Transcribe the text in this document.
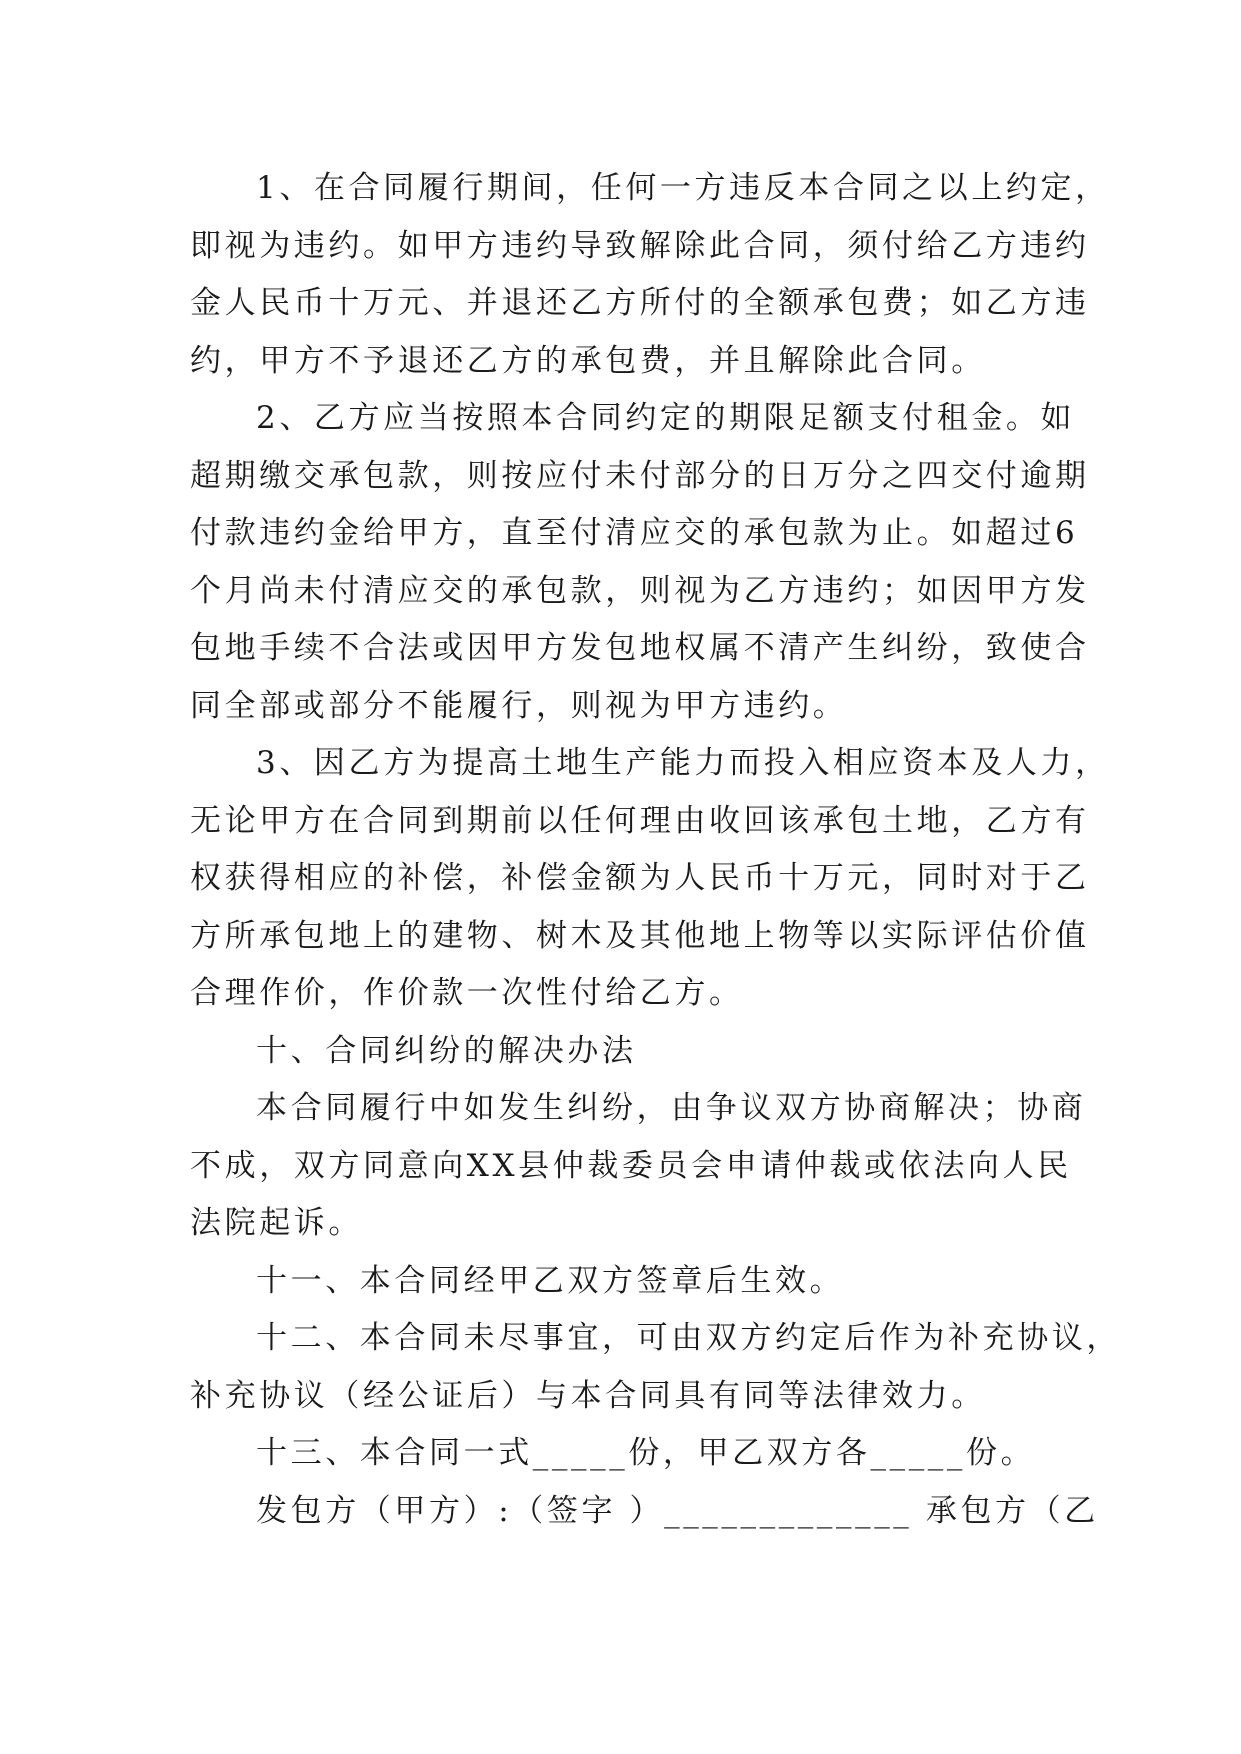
1、在合同履行期间，任何一方违反本合同之以上约定，
即视为违约。如甲方违约导致解除此合同，须付给乙方违约
金人民币十万元、并退还乙方所付的全额承包费；如乙方违
约，甲方不予退还乙方的承包费，并且解除此合同。

2、乙方应当按照本合同约定的期限足额支付租金。如
超期缴交承包款，则按应付未付部分的日万分之四交付逾期
付款违约金给甲方，直至付清应交的承包款为止。如超过6
个月尚未付清应交的承包款，则视为乙方违约；如因甲方发
包地手续不合法或因甲方发包地权属不清产生纠纷，致使合
同全部或部分不能履行，则视为甲方违约。

3、因乙方为提高土地生产能力而投入相应资本及人力，
无论甲方在合同到期前以任何理由收回该承包土地，乙方有
权获得相应的补偿，补偿金额为人民币十万元，同时对于乙
方所承包地上的建物、树木及其他地上物等以实际评估价值
合理作价，作价款一次性付给乙方。

十、合同纠纷的解决办法

本合同履行中如发生纠纷，由争议双方协商解决；协商
不成，双方同意向XX县仲裁委员会申请仲裁或依法向人民
法院起诉。

十一、本合同经甲乙双方签章后生效。

十二、本合同未尽事宜，可由双方约定后作为补充协议，
补充协议（经公证后）与本合同具有同等法律效力。

十三、本合同一式_____份，甲乙双方各_____份。

发包方（甲方）:（签字 ）_____________ 承包方（乙
